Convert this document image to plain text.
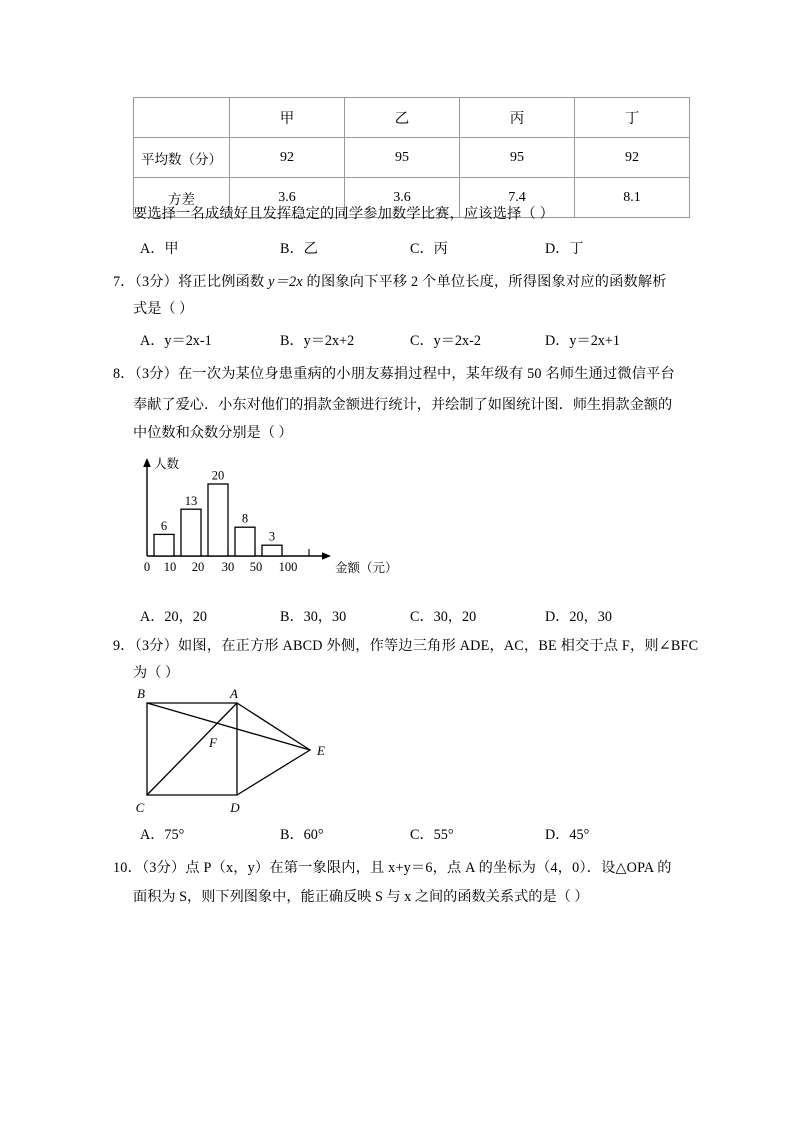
	甲	乙	丙	丁
平均数（分）	92	95	95	92
方差	3.6	3.6	7.4	8.1
要选择一名成绩好且发挥稳定的同学参加数学比赛，应该选择（ ）
A．甲	B．乙	C．丙	D．丁
7．（3分）将正比例函数 y＝2x 的图象向下平移 2 个单位长度，所得图象对应的函数解析
式是（ ）
A．y＝2x‑1	B．y＝2x+2	C．y＝2x‑2	D．y＝2x+1
8．（3分）在一次为某位身患重病的小朋友募捐过程中，某年级有 50 名师生通过微信平台
奉献了爱心．小东对他们的捐款金额进行统计，并绘制了如图统计图．师生捐款金额的
中位数和众数分别是（ ）
人数
金额（元）
0 10 20 30 50 100
6
13
20
8
3
A．20，20	B．30，30	C．30，20	D．20，30
9．（3分）如图，在正方形 ABCD 外侧，作等边三角形 ADE，AC，BE 相交于点 F，则∠BFC
为（ ）
B	A
C	D
E
F
A．75°	B．60°	C．55°	D．45°
10．（3分）点 P（x，y）在第一象限内，且 x+y＝6，点 A 的坐标为（4，0）．设△OPA 的
面积为 S，则下列图象中，能正确反映 S 与 x 之间的函数关系式的是（ ）
